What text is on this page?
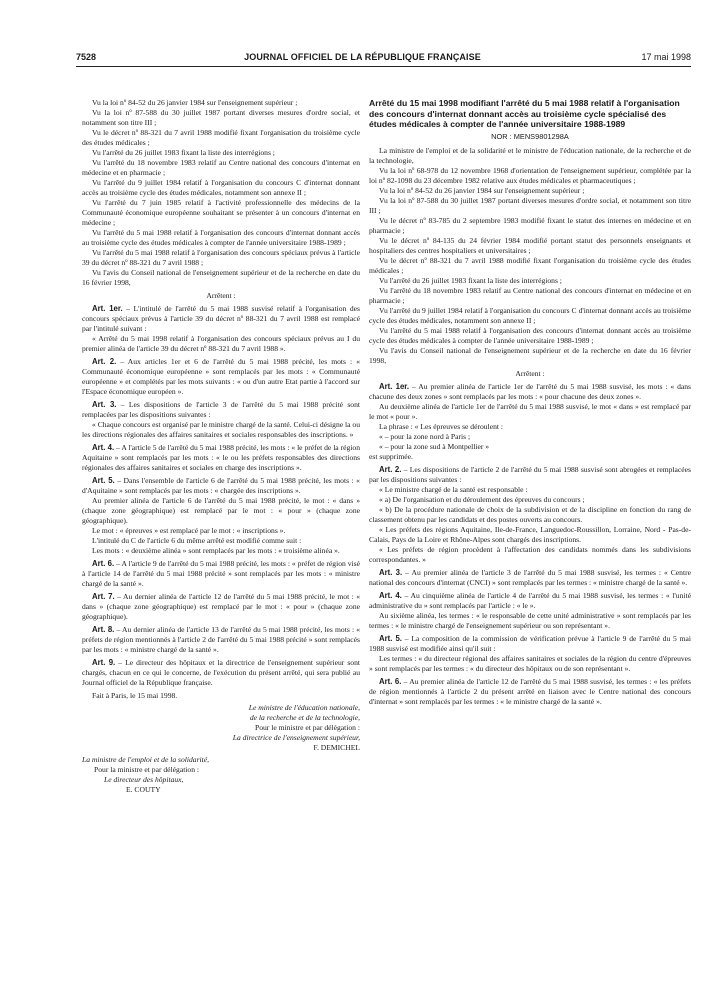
7528	JOURNAL OFFICIEL DE LA RÉPUBLIQUE FRANÇAISE	17 mai 1998

Vu la loi nº 84-52 du 26 janvier 1984 sur l'enseignement supérieur ;

Vu la loi nº 87-588 du 30 juillet 1987 portant diverses mesures d'ordre social, et notamment son titre III ;

Vu le décret nº 88-321 du 7 avril 1988 modifié fixant l'organisation du troisième cycle des études médicales ;

Vu l'arrêté du 26 juillet 1983 fixant la liste des interrégions ;

Vu l'arrêté du 18 novembre 1983 relatif au Centre national des concours d'internat en médecine et en pharmacie ;

Vu l'arrêté du 9 juillet 1984 relatif à l'organisation du concours C d'internat donnant accès au troisième cycle des études médicales, notamment son annexe II ;

Vu l'arrêté du 7 juin 1985 relatif à l'activité professionnelle des médecins de la Communauté économique européenne souhaitant se présenter à un concours d'internat en médecine ;

Vu l'arrêté du 5 mai 1988 relatif à l'organisation des concours d'internat donnant accès au troisième cycle des études médicales à compter de l'année universitaire 1988-1989 ;

Vu l'arrêté du 5 mai 1988 relatif à l'organisation des concours spéciaux prévus à l'article 39 du décret nº 88-321 du 7 avril 1988 ;

Vu l'avis du Conseil national de l'enseignement supérieur et de la recherche en date du 16 février 1998,

Arrêtent :

Art. 1er. – L'intitulé de l'arrêté du 5 mai 1988 susvisé relatif à l'organisation des concours spéciaux prévus à l'article 39 du décret nº 88-321 du 7 avril 1988 est remplacé par l'intitulé suivant :

« Arrêté du 5 mai 1998 relatif à l'organisation des concours spéciaux prévus au I du premier alinéa de l'article 39 du décret nº 88-321 du 7 avril 1988 ».

Art. 2. – Aux articles 1er et 6 de l'arrêté du 5 mai 1988 précité, les mots : « Communauté économique européenne » sont remplacés par les mots : « Communauté européenne » et complétés par les mots suivants : « ou d'un autre Etat partie à l'accord sur l'Espace économique européen ».

Art. 3. – Les dispositions de l'article 3 de l'arrêté du 5 mai 1988 précité sont remplacées par les dispositions suivantes :

« Chaque concours est organisé par le ministre chargé de la santé. Celui-ci désigne la ou les directions régionales des affaires sanitaires et sociales responsables des inscriptions. »

Art. 4. – A l'article 5 de l'arrêté du 5 mai 1988 précité, les mots : « le préfet de la région Aquitaine » sont remplacés par les mots : « le ou les préfets responsables des directions régionales des affaires sanitaires et sociales en charge des inscriptions ».

Art. 5. – Dans l'ensemble de l'article 6 de l'arrêté du 5 mai 1988 précité, les mots : « d'Aquitaine » sont remplacés par les mots : « chargée des inscriptions ».

Au premier alinéa de l'article 6 de l'arrêté du 5 mai 1988 précité, le mot : « dans » (chaque zone géographique) est remplacé par le mot : « pour » (chaque zone géographique).

Le mot : « épreuves » est remplacé par le mot : « inscriptions ».

L'intitulé du C de l'article 6 du même arrêté est modifié comme suit :

Les mots : « deuxième alinéa » sont remplacés par les mots : « troisième alinéa ».

Art. 6. – A l'article 9 de l'arrêté du 5 mai 1988 précité, les mots : « préfet de région visé à l'article 14 de l'arrêté du 5 mai 1988 précité » sont remplacés par les mots : « ministre chargé de la santé ».

Art. 7. – Au dernier alinéa de l'article 12 de l'arrêté du 5 mai 1988 précité, le mot : « dans » (chaque zone géographique) est remplacé par le mot : « pour » (chaque zone géographique).

Art. 8. – Au dernier alinéa de l'article 13 de l'arrêté du 5 mai 1988 précité, les mots : « préfets de région mentionnés à l'article 2 de l'arrêté du 5 mai 1988 précité » sont remplacés par les mots : « ministre chargé de la santé ».

Art. 9. – Le directeur des hôpitaux et la directrice de l'enseignement supérieur sont chargés, chacun en ce qui le concerne, de l'exécution du présent arrêté, qui sera publié au Journal officiel de la République française.

Fait à Paris, le 15 mai 1998.

Le ministre de l'éducation nationale,

de la recherche et de la technologie,

Pour le ministre et par délégation :

La directrice de l'enseignement supérieur,

F. DEMICHEL

La ministre de l'emploi et de la solidarité,

Pour la ministre et par délégation :

Le directeur des hôpitaux,

E. COUTY

Arrêté du 15 mai 1998 modifiant l'arrêté du 5 mai 1988 relatif à l'organisation des concours d'internat donnant accès au troisième cycle spécialisé des études médicales à compter de l'année universitaire 1988-1989

NOR : MENS9801298A

La ministre de l'emploi et de la solidarité et le ministre de l'éducation nationale, de la recherche et de la technologie,

Vu la loi nº 68-978 du 12 novembre 1968 d'orientation de l'enseignement supérieur, complétée par la loi nº 82-1098 du 23 décembre 1982 relative aux études médicales et pharmaceutiques ;

Vu la loi nº 84-52 du 26 janvier 1984 sur l'enseignement supérieur ;

Vu la loi nº 87-588 du 30 juillet 1987 portant diverses mesures d'ordre social, et notamment son titre III ;

Vu le décret nº 83-785 du 2 septembre 1983 modifié fixant le statut des internes en médecine et en pharmacie ;

Vu le décret nº 84-135 du 24 février 1984 modifié portant statut des personnels enseignants et hospitaliers des centres hospitaliers et universitaires ;

Vu le décret nº 88-321 du 7 avril 1988 modifié fixant l'organisation du troisième cycle des études médicales ;

Vu l'arrêté du 26 juillet 1983 fixant la liste des interrégions ;

Vu l'arrêté du 18 novembre 1983 relatif au Centre national des concours d'internat en médecine et en pharmacie ;

Vu l'arrêté du 9 juillet 1984 relatif à l'organisation du concours C d'internat donnant accès au troisième cycle des études médicales, notamment son annexe II ;

Vu l'arrêté du 5 mai 1988 relatif à l'organisation des concours d'internat donnant accès au troisième cycle des études médicales à compter de l'année universitaire 1988-1989 ;

Vu l'avis du Conseil national de l'enseignement supérieur et de la recherche en date du 16 février 1998,

Arrêtent :

Art. 1er. – Au premier alinéa de l'article 1er de l'arrêté du 5 mai 1988 susvisé, les mots : « dans chacune des deux zones » sont remplacés par les mots : « pour chacune des deux zones ».

Au deuxième alinéa de l'article 1er de l'arrêté du 5 mai 1988 susvisé, le mot « dans » est remplacé par le mot « pour ».

La phrase : « Les épreuves se déroulent :

« – pour la zone nord à Paris ;

« – pour la zone sud à Montpellier »

est supprimée.

Art. 2. – Les dispositions de l'article 2 de l'arrêté du 5 mai 1988 susvisé sont abrogées et remplacées par les dispositions suivantes :

« Le ministre chargé de la santé est responsable :

« a) De l'organisation et du déroulement des épreuves du concours ;

« b) De la procédure nationale de choix de la subdivision et de la discipline en fonction du rang de classement obtenu par les candidats et des postes ouverts au concours.

« Les préfets des régions Aquitaine, Ile-de-France, Languedoc-Roussillon, Lorraine, Nord - Pas-de-Calais, Pays de la Loire et Rhône-Alpes sont chargés des inscriptions.

« Les préfets de région procèdent à l'affectation des candidats nommés dans les subdivisions correspondantes. »

Art. 3. – Au premier alinéa de l'article 3 de l'arrêté du 5 mai 1988 susvisé, les termes : « Centre national des concours d'internat (CNCI) » sont remplacés par les termes : « ministre chargé de la santé ».

Art. 4. – Au cinquième alinéa de l'article 4 de l'arrêté du 5 mai 1988 susvisé, les termes : « l'unité administrative du » sont remplacés par l'article : « le ».

Au sixième alinéa, les termes : « le responsable de cette unité administrative » sont remplacés par les termes : « le ministre chargé de l'enseignement supérieur ou son représentant ».

Art. 5. – La composition de la commission de vérification prévue à l'article 9 de l'arrêté du 5 mai 1988 susvisé est modifiée ainsi qu'il suit :

Les termes : « du directeur régional des affaires sanitaires et sociales de la région du centre d'épreuves » sont remplacés par les termes : « du directeur des hôpitaux ou de son représentant ».

Art. 6. – Au premier alinéa de l'article 12 de l'arrêté du 5 mai 1988 susvisé, les termes : « les préfets de région mentionnés à l'article 2 du présent arrêté en liaison avec le Centre national des concours d'internat » sont remplacés par les termes : « le ministre chargé de la santé ».
